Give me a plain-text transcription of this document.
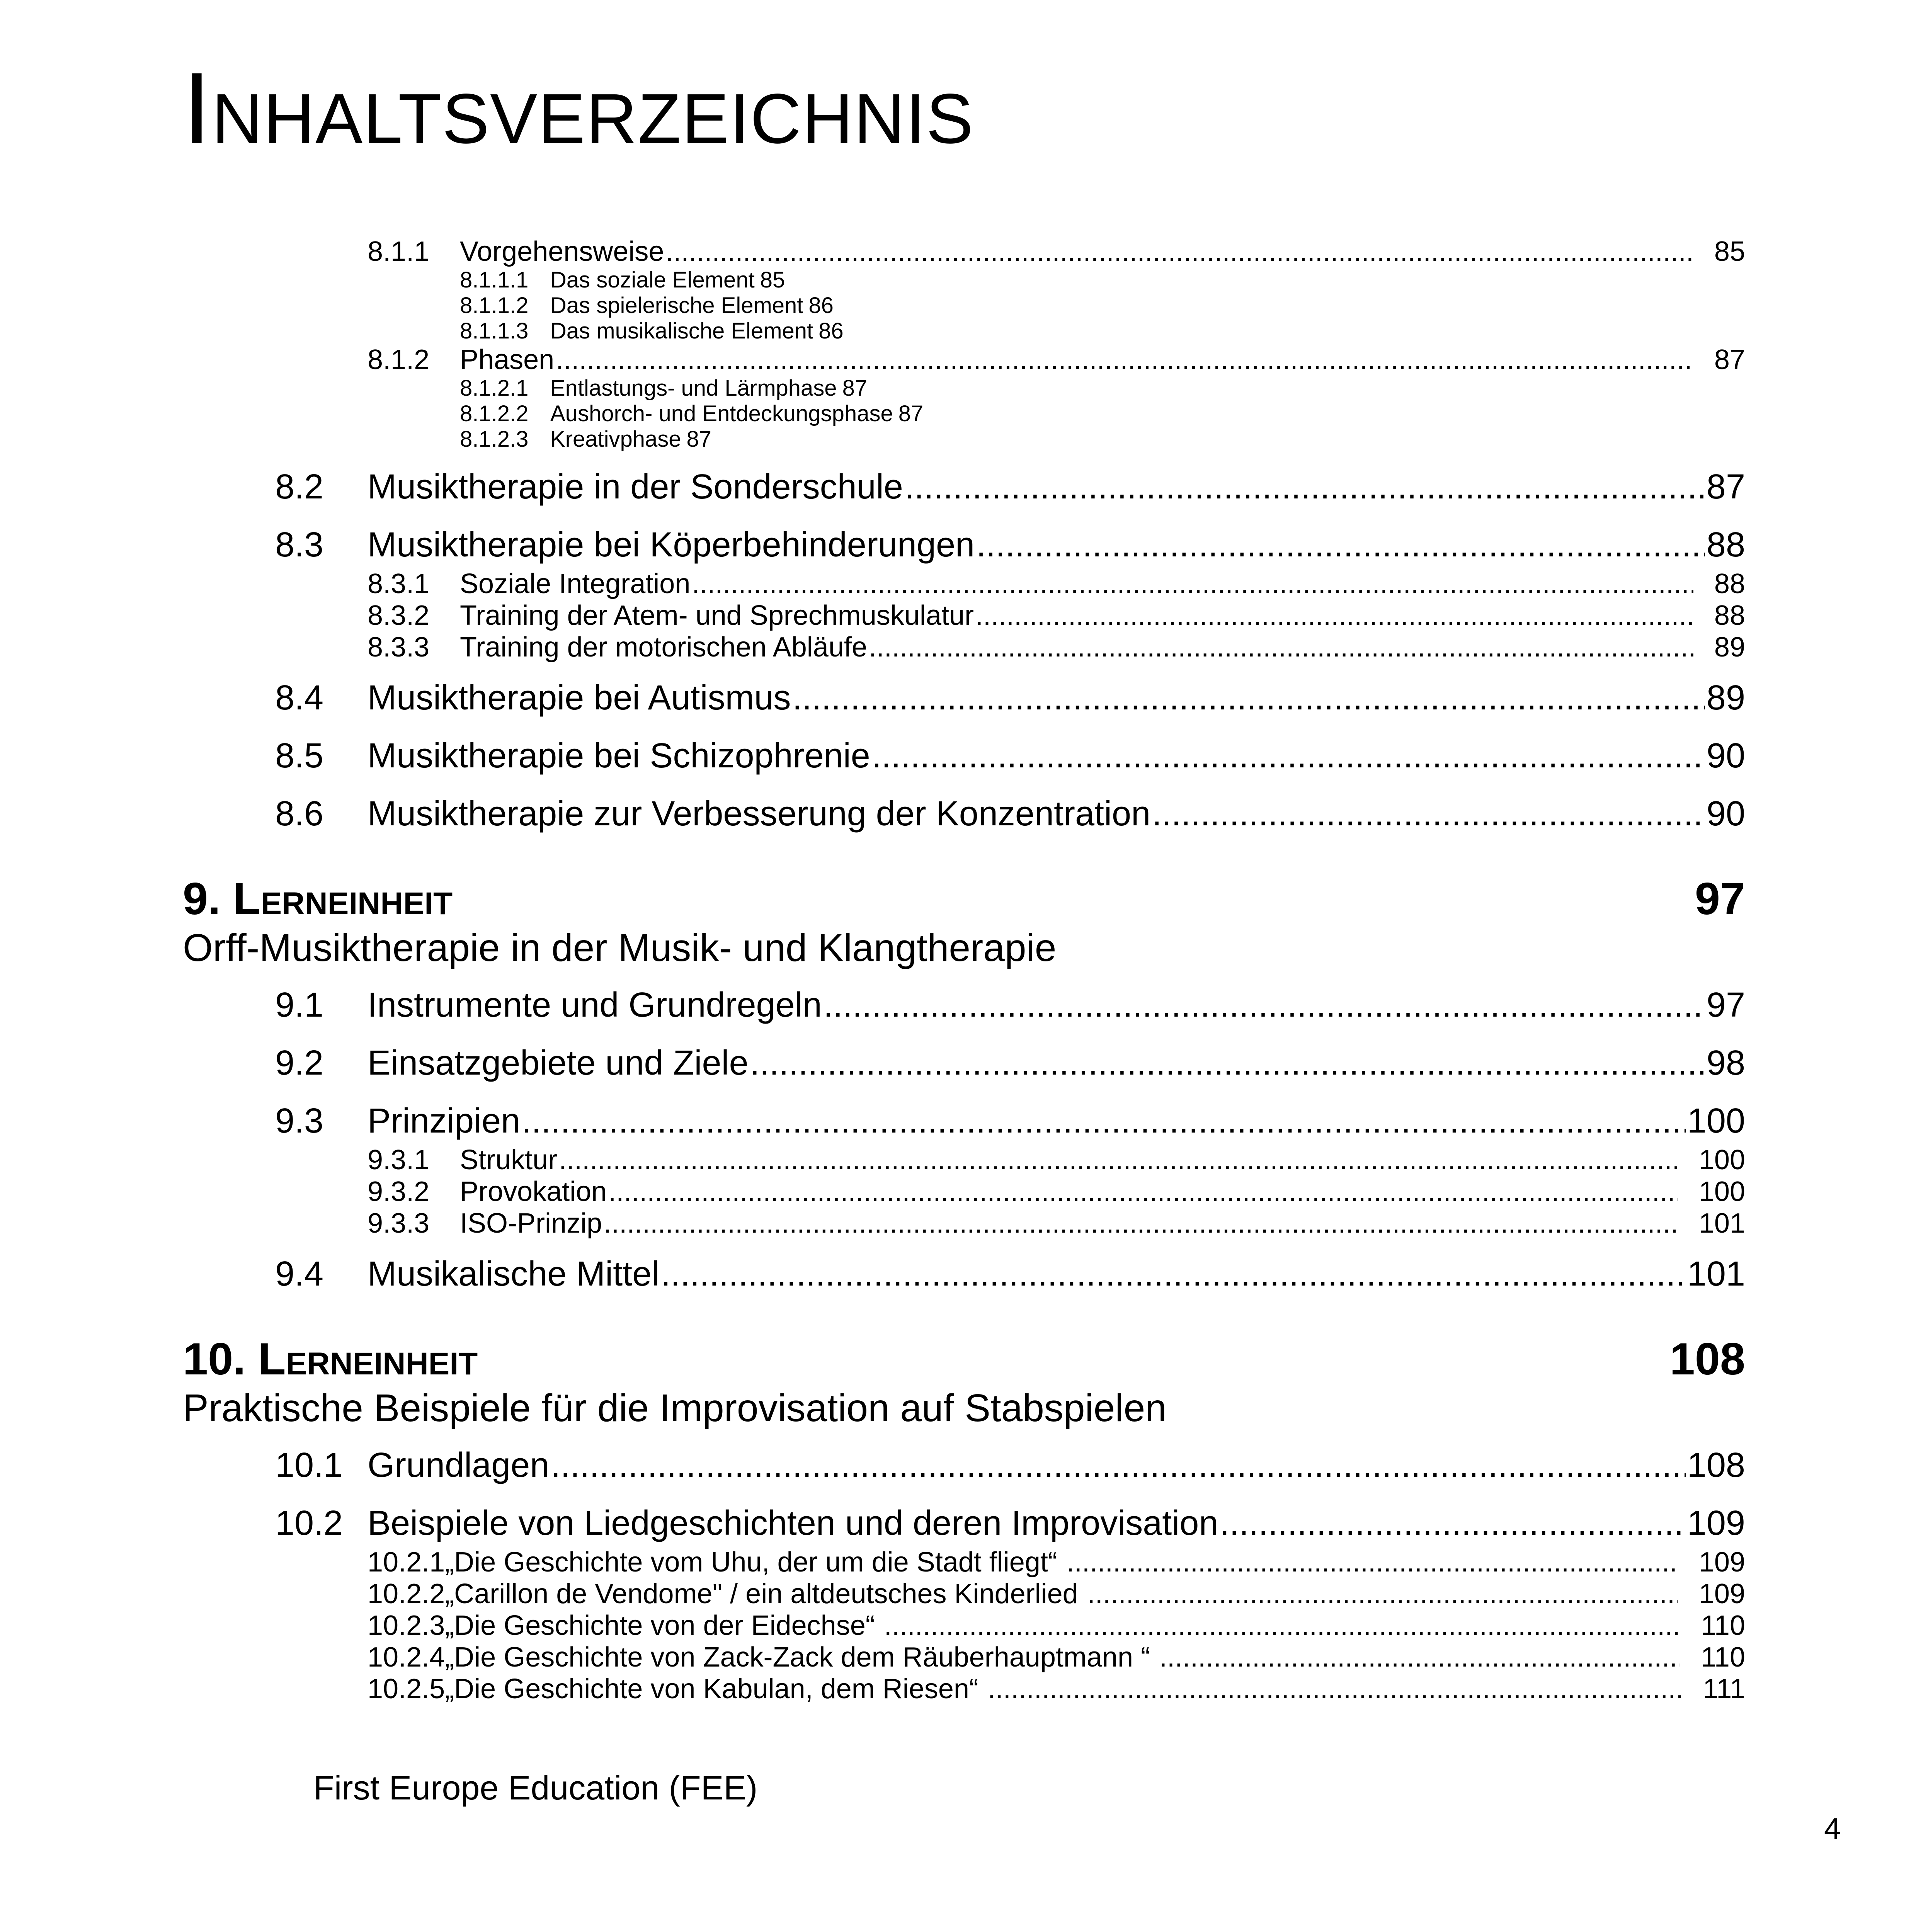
Inhaltsverzeichnis
8.1.1	Vorgehensweise .....	85
8.1.1.1 Das soziale Element 85
8.1.1.2 Das spielerische Element 86
8.1.1.3 Das musikalische Element 86
8.1.2	Phasen .....	87
8.1.2.1 Entlastungs- und Lärmphase 87
8.1.2.2 Aushorch- und Entdeckungsphase 87
8.1.2.3 Kreativphase 87
8.2	Musiktherapie in der Sonderschule .....	87
8.3	Musiktherapie bei Köperbehinderungen .....	88
8.3.1	Soziale Integration .....	88
8.3.2	Training der Atem- und Sprechmuskulatur .....	88
8.3.3	Training der motorischen Abläufe .....	89
8.4	Musiktherapie bei Autismus .....	89
8.5	Musiktherapie bei Schizophrenie .....	90
8.6	Musiktherapie zur Verbesserung der Konzentration .....	90
9. Lerneinheit	97
Orff-Musiktherapie in der Musik- und Klangtherapie
9.1	Instrumente und Grundregeln .....	97
9.2	Einsatzgebiete und Ziele .....	98
9.3	Prinzipien .....	100
9.3.1	Struktur .....	100
9.3.2	Provokation .....	100
9.3.3	ISO-Prinzip .....	101
9.4	Musikalische Mittel .....	101
10. Lerneinheit	108
Praktische Beispiele für die Improvisation auf Stabspielen
10.1 Grundlagen .....	108
10.2 Beispiele von Liedgeschichten und deren Improvisation .....	109
10.2.1 „Die Geschichte vom Uhu, der um die Stadt fliegt“ .....	109
10.2.2 „Carillon de Vendome" / ein altdeutsches Kinderlied .....	109
10.2.3 „Die Geschichte von der Eidechse“ .....	110
10.2.4 „Die Geschichte von Zack-Zack dem Räuberhauptmann “ .....	110
10.2.5 „Die Geschichte von Kabulan, dem Riesen“ .....	111
First Europe Education (FEE)
4
